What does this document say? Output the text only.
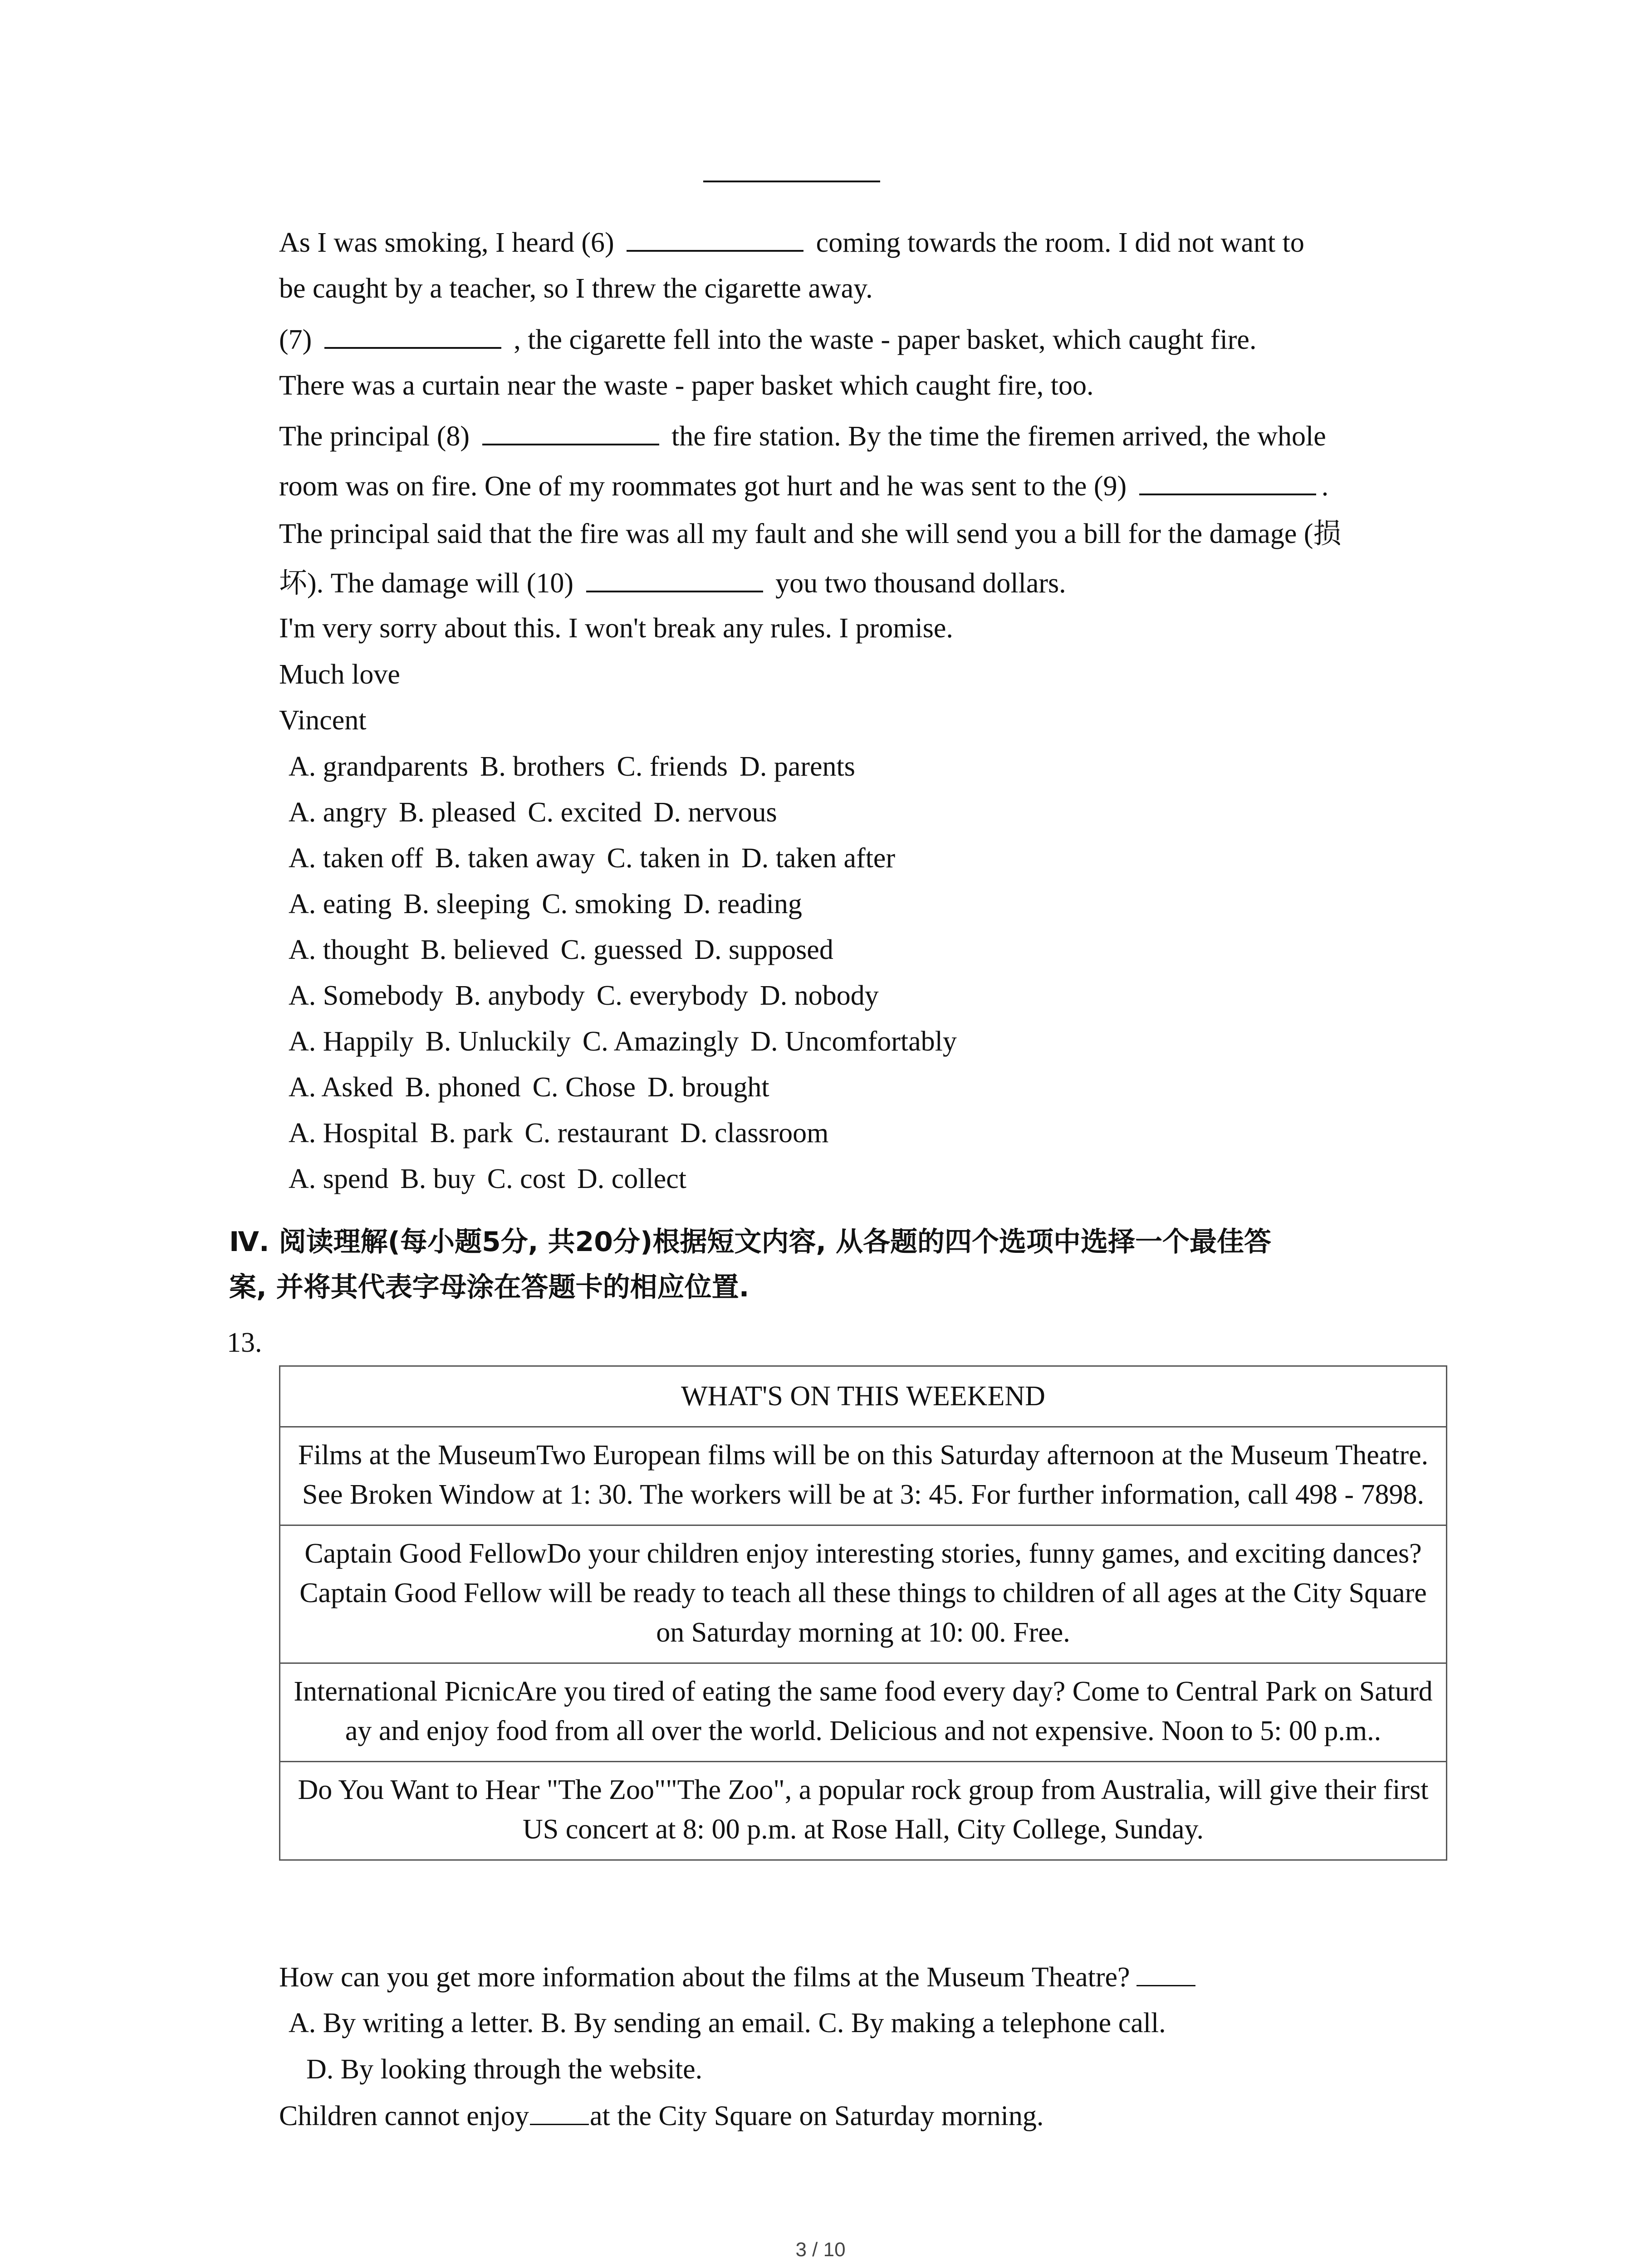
As I was smoking, I heard (6)	coming towards the room. I did not want to
be caught by a teacher, so I threw the cigarette away.
(7)	, the cigarette fell into the waste - paper basket, which caught fire.
There was a curtain near the waste - paper basket which caught fire, too.
The principal (8)	the fire station. By the time the firemen arrived, the whole
room was on fire. One of my roommates got hurt and he was sent to the (9)	.
The principal said that the fire was all my fault and she will send you a bill for the damage (损
坏). The damage will (10)	you two thousand dollars.
I'm very sorry about this. I won't break any rules. I promise.
Much love
Vincent
A. grandparents B. brothers C. friends D. parents
A. angry B. pleased C. excited D. nervous
A. taken off B. taken away C. taken in D. taken after
A. eating B. sleeping C. smoking D. reading
A. thought B. believed C. guessed D. supposed
A. Somebody B. anybody C. everybody D. nobody
A. Happily B. Unluckily C. Amazingly D. Uncomfortably
A. Asked B. phoned C. Chose D. brought
A. Hospital B. park C. restaurant D. classroom
A. spend B. buy C. cost D. collect
Ⅳ. 阅读理解(每小题5分, 共20分)根据短文内容, 从各题的四个选项中选择一个最佳答
案, 并将其代表字母涂在答题卡的相应位置.
13.
WHAT'S ON THIS WEEKEND
Films at the MuseumTwo European films will be on this Saturday afternoon at the Museum Theatre. See Broken Window at 1: 30. The workers will be at 3: 45. For further information, call 498 - 7898.
Captain Good FellowDo your children enjoy interesting stories, funny games, and exciting dances? Captain Good Fellow will be ready to teach all these things to children of all ages at the City Square on Saturday morning at 10: 00. Free.
International PicnicAre you tired of eating the same food every day? Come to Central Park on Saturday and enjoy food from all over the world. Delicious and not expensive. Noon to 5: 00 p.m..
Do You Want to Hear "The Zoo""The Zoo", a popular rock group from Australia, will give their first US concert at 8: 00 p.m. at Rose Hall, City College, Sunday.
How can you get more information about the films at the Museum Theatre?
A. By writing a letter. B. By sending an email. C. By making a telephone call.
D. By looking through the website.
Children cannot enjoy at the City Square on Saturday morning.
3 / 10
